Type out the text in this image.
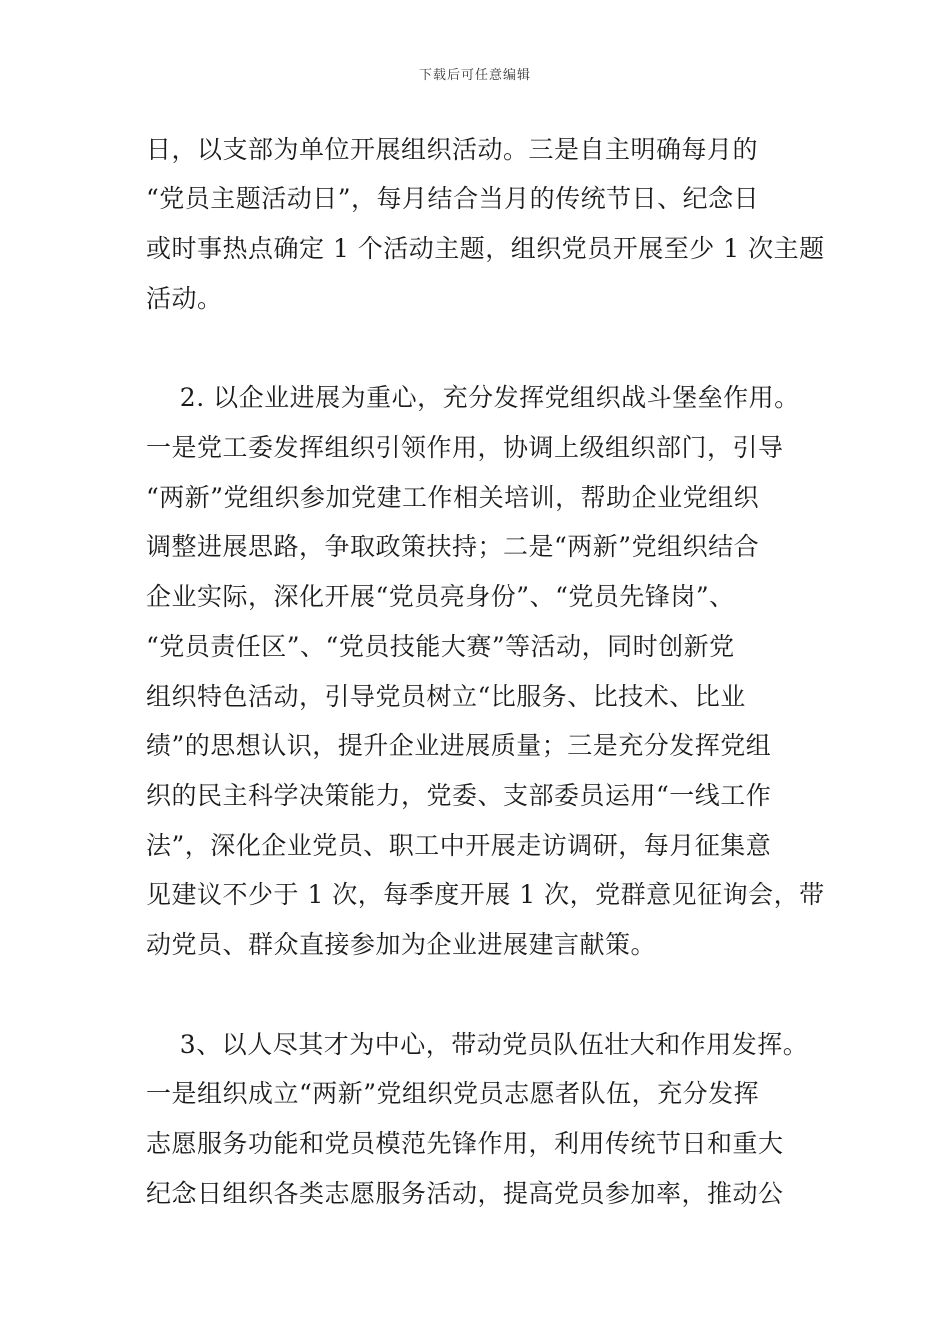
下载后可任意编辑
日，以支部为单位开展组织活动。三是自主明确每月的
“党员主题活动日”，每月结合当月的传统节日、纪念日
或时事热点确定 1 个活动主题，组织党员开展至少 1 次主题
活动。
2. 以企业进展为重心，充分发挥党组织战斗堡垒作用。
一是党工委发挥组织引领作用，协调上级组织部门，引导
“两新”党组织参加党建工作相关培训，帮助企业党组织
调整进展思路，争取政策扶持；二是“两新”党组织结合
企业实际，深化开展“党员亮身份”、“党员先锋岗”、
“党员责任区”、“党员技能大赛”等活动，同时创新党
组织特色活动，引导党员树立“比服务、比技术、比业
绩”的思想认识，提升企业进展质量；三是充分发挥党组
织的民主科学决策能力，党委、支部委员运用“一线工作
法”，深化企业党员、职工中开展走访调研，每月征集意
见建议不少于 1 次，每季度开展 1 次，党群意见征询会，带
动党员、群众直接参加为企业进展建言献策。
3、以人尽其才为中心，带动党员队伍壮大和作用发挥。
一是组织成立“两新”党组织党员志愿者队伍，充分发挥
志愿服务功能和党员模范先锋作用，利用传统节日和重大
纪念日组织各类志愿服务活动，提高党员参加率，推动公
